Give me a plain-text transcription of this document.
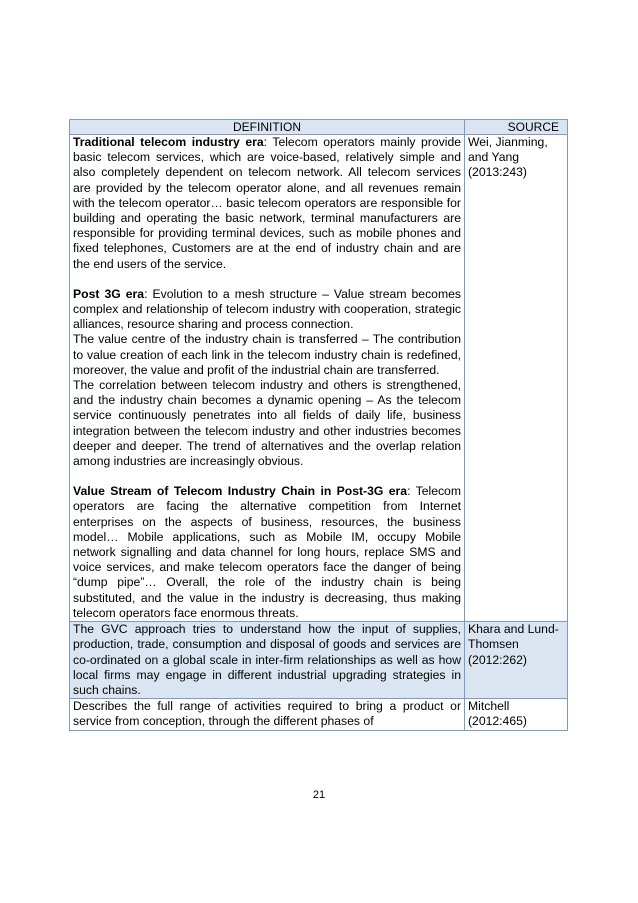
DEFINITION	SOURCE

Traditional telecom industry era: Telecom operators mainly provide basic telecom services, which are voice-based, relatively simple and also completely dependent on telecom network. All telecom services are provided by the telecom operator alone, and all revenues remain with the telecom operator… basic telecom operators are responsible for building and operating the basic network, terminal manufacturers are responsible for providing terminal devices, such as mobile phones and fixed telephones, Customers are at the end of industry chain and are the end users of the service.

Post 3G era: Evolution to a mesh structure – Value stream becomes complex and relationship of telecom industry with cooperation, strategic alliances, resource sharing and process connection.

The value centre of the industry chain is transferred – The contribution to value creation of each link in the telecom industry chain is redefined, moreover, the value and profit of the industrial chain are transferred.

The correlation between telecom industry and others is strengthened, and the industry chain becomes a dynamic opening – As the telecom service continuously penetrates into all fields of daily life, business integration between the telecom industry and other industries becomes deeper and deeper. The trend of alternatives and the overlap relation among industries are increasingly obvious.

Value Stream of Telecom Industry Chain in Post-3G era: Telecom operators are facing the alternative competition from Internet enterprises on the aspects of business, resources, the business model… Mobile applications, such as Mobile IM, occupy Mobile network signalling and data channel for long hours, replace SMS and voice services, and make telecom operators face the danger of being “dump pipe”… Overall, the role of the industry chain is being substituted, and the value in the industry is decreasing, thus making telecom operators face enormous threats.	Wei, Jianming, and Yang (2013:243)
The GVC approach tries to understand how the input of supplies, production, trade, consumption and disposal of goods and services are co-ordinated on a global scale in inter-firm relationships as well as how local firms may engage in different industrial upgrading strategies in such chains.	Khara and Lund-Thomsen (2012:262)
Describes the full range of activities required to bring a product or service from conception, through the different phases of	Mitchell (2012:465)
21
